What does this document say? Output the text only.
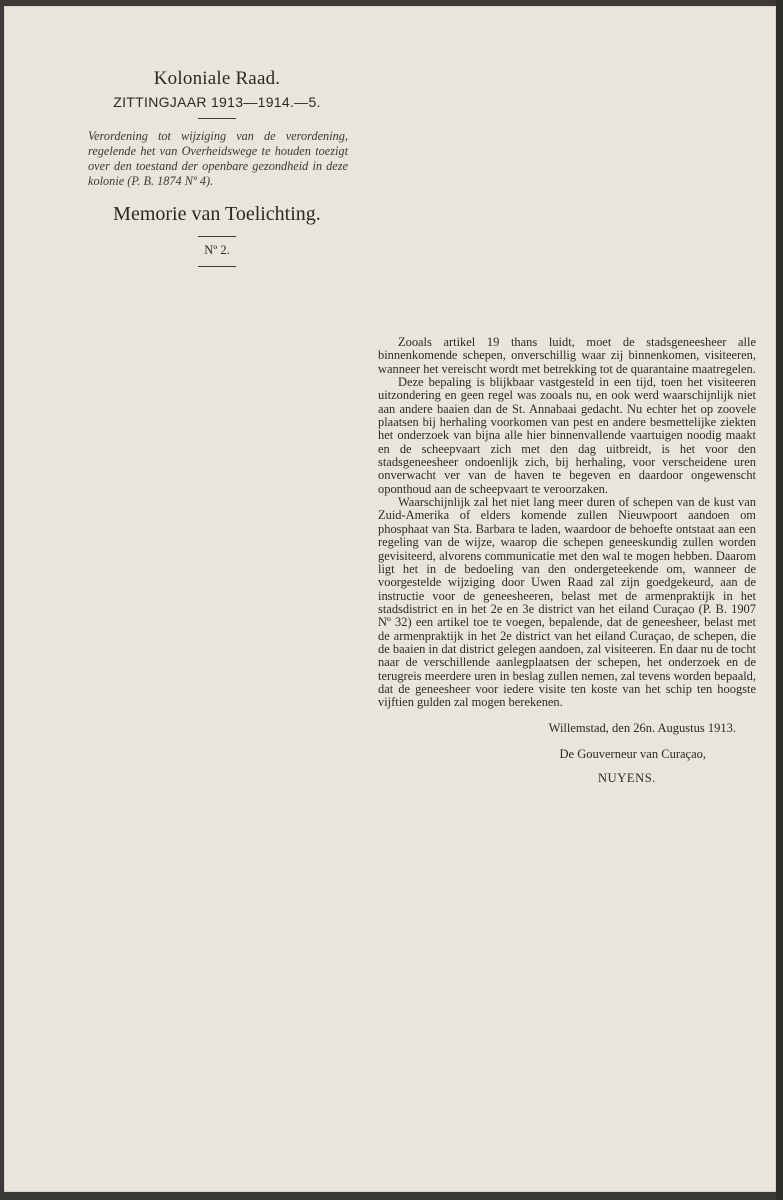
Koloniale Raad.

ZITTINGJAAR 1913—1914.—5.

Verordening tot wijziging van de verordening, regelende het van Overheidswege te houden toezigt over den toestand der openbare gezondheid in deze kolonie (P. B. 1874 Nº 4).

Memorie van Toelichting.

Nº 2.

Zooals artikel 19 thans luidt, moet de stadsgeneesheer alle binnenkomende schepen, onverschillig waar zij binnenkomen, visiteeren, wanneer het vereischt wordt met betrekking tot de quarantaine maatregelen.

Deze bepaling is blijkbaar vastgesteld in een tijd, toen het visiteeren uitzondering en geen regel was zooals nu, en ook werd waarschijnlijk niet aan andere baaien dan de St. Annabaai gedacht. Nu echter het op zoovele plaatsen bij herhaling voorkomen van pest en andere besmettelijke ziekten het onderzoek van bijna alle hier binnenvallende vaartuigen noodig maakt en de scheepvaart zich met den dag uitbreidt, is het voor den stadsgeneesheer ondoenlijk zich, bij herhaling, voor verscheidene uren onverwacht ver van de haven te begeven en daardoor ongewenscht oponthoud aan de scheepvaart te veroorzaken.

Waarschijnlijk zal het niet lang meer duren of schepen van de kust van Zuid-Amerika of elders komende zullen Nieuwpoort aandoen om phosphaat van Sta. Barbara te laden, waardoor de behoefte ontstaat aan een regeling van de wijze, waarop die schepen geneeskundig zullen worden gevisiteerd, alvorens communicatie met den wal te mogen hebben. Daarom ligt het in de bedoeling van den ondergeteekende om, wanneer de voorgestelde wijziging door Uwen Raad zal zijn goedgekeurd, aan de instructie voor de geneesheeren, belast met de armenpraktijk in het stadsdistrict en in het 2e en 3e district van het eiland Curaçao (P. B. 1907 Nº 32) een artikel toe te voegen, bepalende, dat de geneesheer, belast met de armenpraktijk in het 2e district van het eiland Curaçao, de schepen, die de baaien in dat district gelegen aandoen, zal visiteeren. En daar nu de tocht naar de verschillende aanlegplaatsen der schepen, het onderzoek en de terugreis meerdere uren in beslag zullen nemen, zal tevens worden bepaald, dat de geneesheer voor iedere visite ten koste van het schip ten hoogste vijftien gulden zal mogen berekenen.

Willemstad, den 26n. Augustus 1913.
De Gouverneur van Curaçao,
NUYENS.
